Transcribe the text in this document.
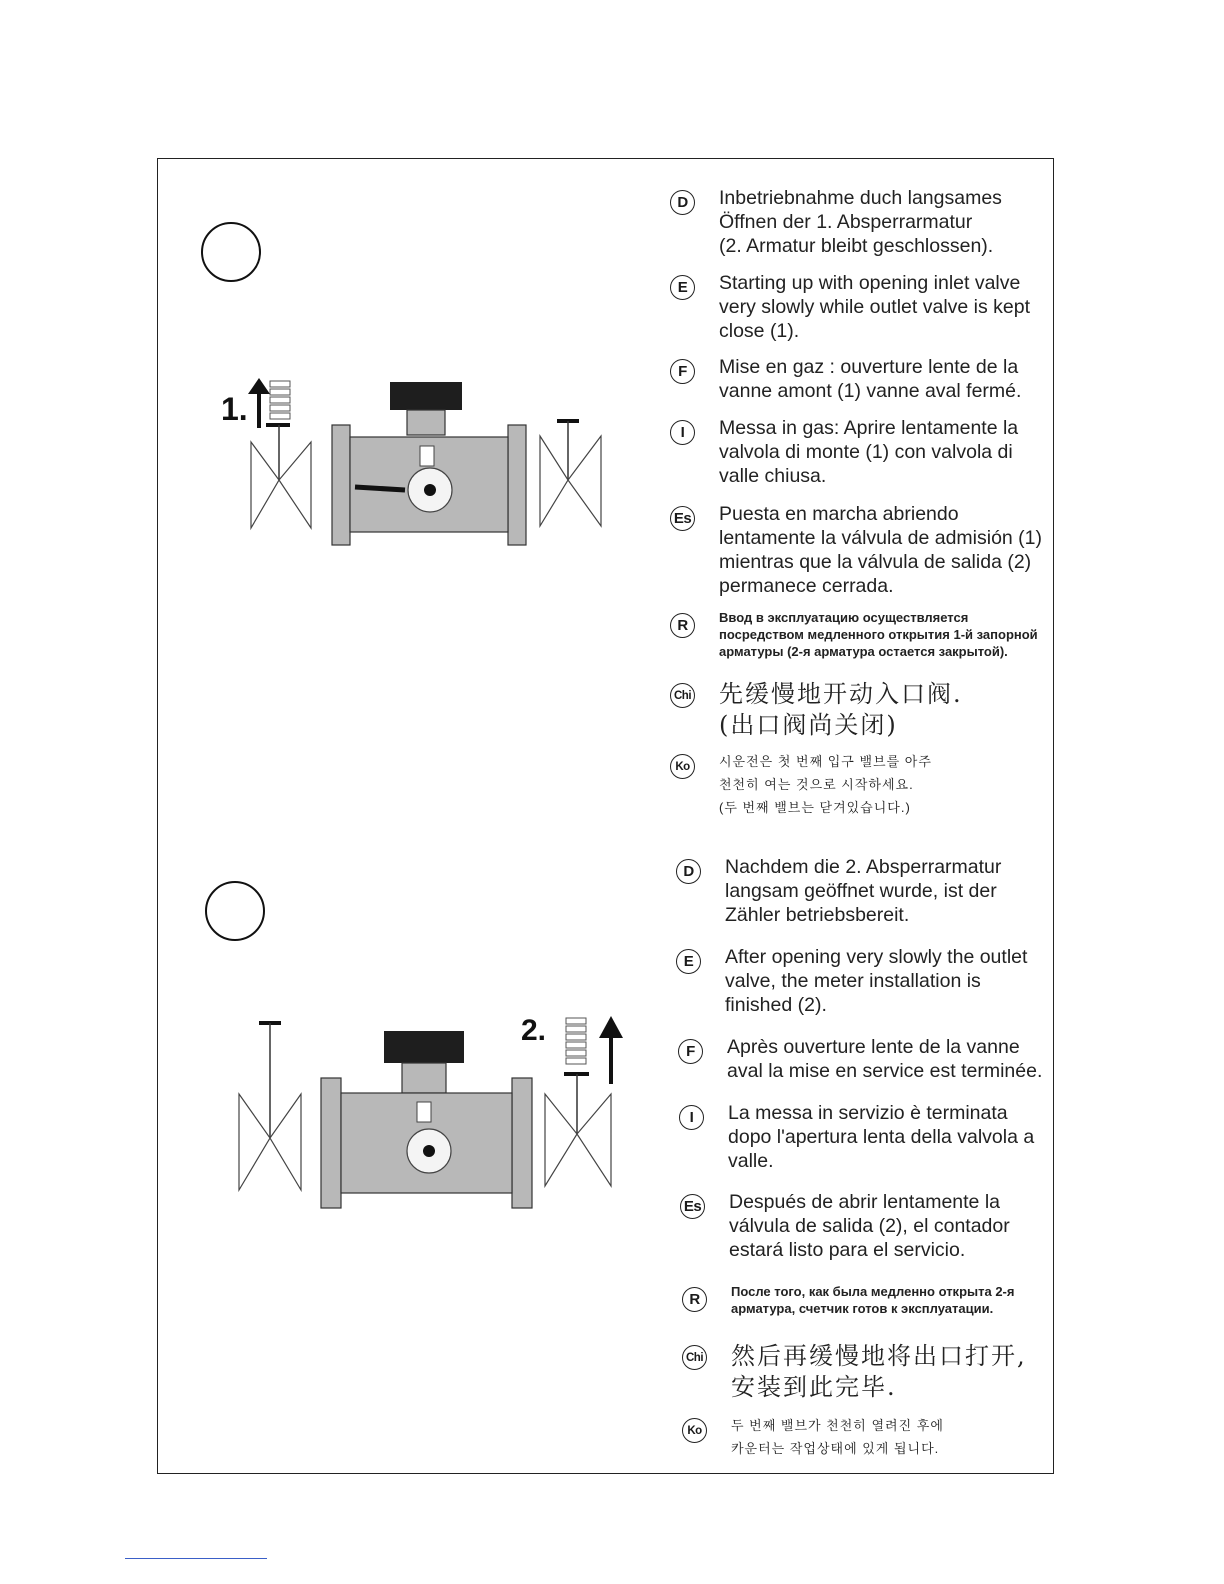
1.
2.
D	Inbetriebnahme duch langsames
Öffnen der 1. Absperrarmatur
(2. Armatur bleibt geschlossen).
E	Starting up with opening inlet valve
very slowly while outlet valve is kept
close (1).
F	Mise en gaz : ouverture lente de la
vanne amont (1) vanne aval fermé.
I	Messa in gas: Aprire lentamente la
valvola di monte (1) con valvola di
valle chiusa.
Es Puesta en marcha abriendo
lentamente la válvula de admisión (1)
mientras que la válvula de salida (2)
permanece cerrada.
R	Ввод в эксплуатацию осуществляется
посредством медленного открытия 1-й запорной
арматуры (2-я арматура остается закрытой).
Chi 先缓慢地开动入口阀.
(出口阀尚关闭)
Ko	시운전은 첫 번째 입구 밸브를 아주
천천히 여는 것으로 시작하세요.
(두 번째 밸브는 닫겨있습니다.)
D	Nachdem die 2. Absperrarmatur
langsam geöffnet wurde, ist der
Zähler betriebsbereit.
E	After opening very slowly the outlet
valve, the meter installation is
finished (2).
F	Après ouverture lente de la vanne
aval la mise en service est terminée.
I	La messa in servizio è terminata
dopo l'apertura lenta della valvola a
valle.
Es Después de abrir lentamente la
válvula de salida (2), el contador
estará listo para el servicio.
R	После того, как была медленно открыта 2-я
арматура, счетчик готов к эксплуатации.
Chi 然后再缓慢地将出口打开,
安装到此完毕.
Ko	두 번째 밸브가 천천히 열려진 후에
카운터는 작업상태에 있게 됩니다.
